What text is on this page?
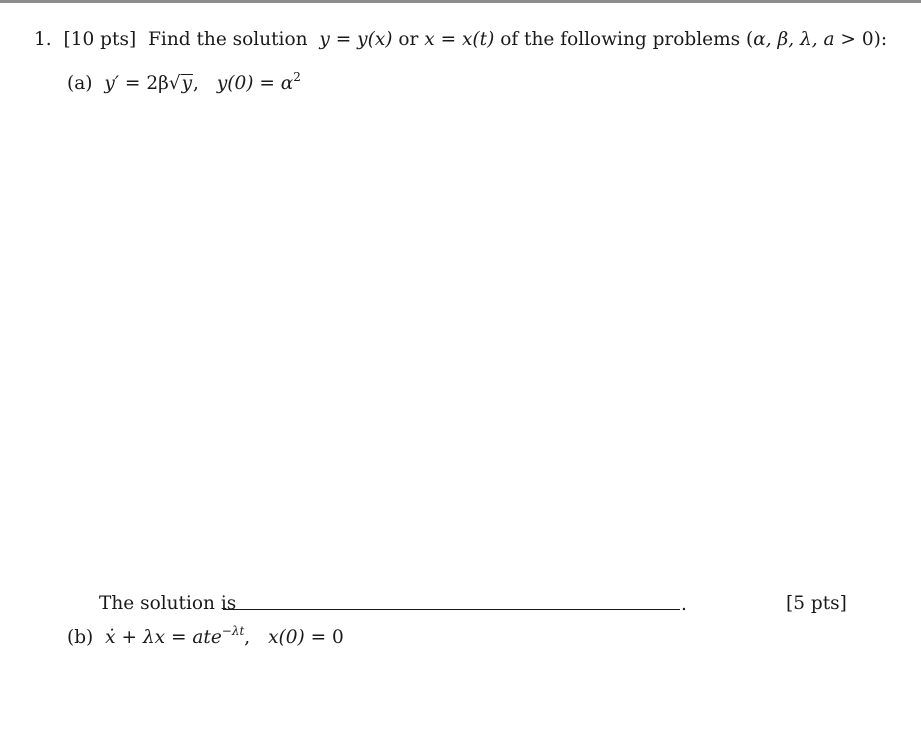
1. [10 pts] Find the solution y = y(x) or x = x(t) of the following problems (α, β, λ, a > 0):
(a) y′ = 2β√y, $y(0) = \alpha^2$
The solution is	.	[5 pts]
(b) ẋ + λx = ate$^{-\lambda t}$, x(0) = 0
